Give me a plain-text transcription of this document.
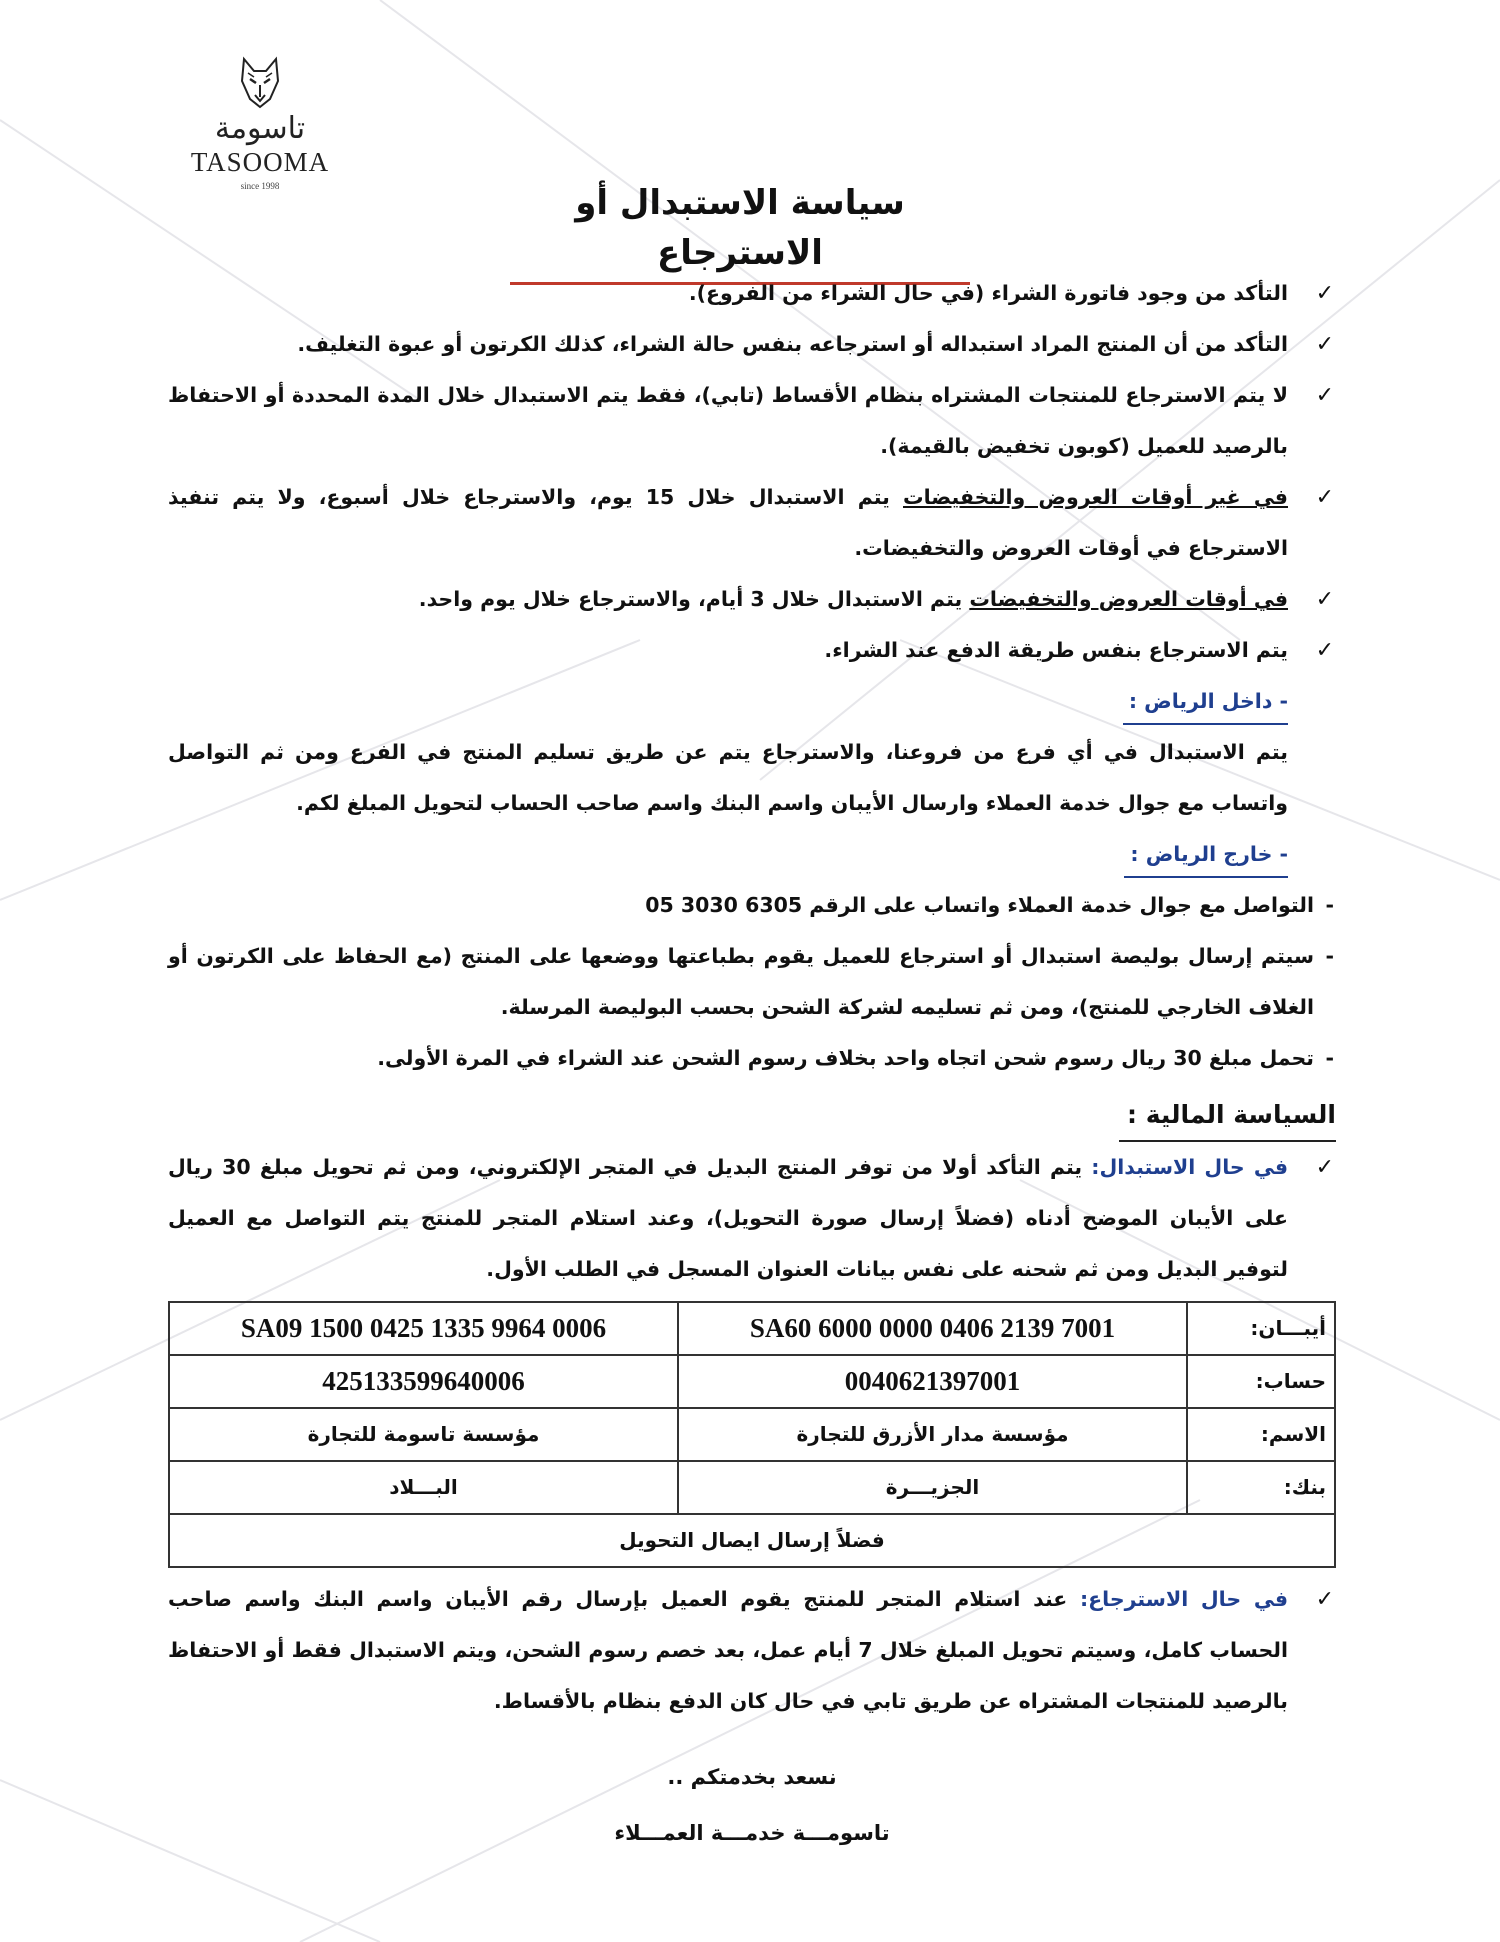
تاسومة
TASOOMA
since 1998	سياسة الاستبدال أو الاسترجاع
✓
التأكد من وجود فاتورة الشراء (في حال الشراء من الفروع).
✓
التأكد من أن المنتج المراد استبداله أو استرجاعه بنفس حالة الشراء، كذلك الكرتون أو عبوة التغليف.
✓
لا يتم الاسترجاع للمنتجات المشتراه بنظام الأقساط (تابي)، فقط يتم الاستبدال خلال المدة المحددة أو الاحتفاظ بالرصيد للعميل (كوبون تخفيض بالقيمة).
✓
في غير أوقات العروض والتخفيضات يتم الاستبدال خلال 15 يوم، والاسترجاع خلال أسبوع، ولا يتم تنفيذ الاسترجاع في أوقات العروض والتخفيضات.
✓
في أوقات العروض والتخفيضات يتم الاستبدال خلال 3 أيام، والاسترجاع خلال يوم واحد.
✓
يتم الاسترجاع بنفس طريقة الدفع عند الشراء.
- داخل الرياض :
يتم الاستبدال في أي فرع من فروعنا، والاسترجاع يتم عن طريق تسليم المنتج في الفرع ومن ثم التواصل واتساب مع جوال خدمة العملاء وارسال الأيبان واسم البنك واسم صاحب الحساب لتحويل المبلغ لكم.
- خارج الرياض :
-
التواصل مع جوال خدمة العملاء واتساب على الرقم 6305 3030 05
-
سيتم إرسال بوليصة استبدال أو استرجاع للعميل يقوم بطباعتها ووضعها على المنتج (مع الحفاظ على الكرتون أو الغلاف الخارجي للمنتج)، ومن ثم تسليمه لشركة الشحن بحسب البوليصة المرسلة.
-
تحمل مبلغ 30 ريال رسوم شحن اتجاه واحد بخلاف رسوم الشحن عند الشراء في المرة الأولى.
السياسة المالية :
✓
في حال الاستبدال: يتم التأكد أولا من توفر المنتج البديل في المتجر الإلكتروني، ومن ثم تحويل مبلغ 30 ريال على الأيبان الموضح أدناه (فضلاً إرسال صورة التحويل)، وعند استلام المتجر للمنتج يتم التواصل مع العميل لتوفير البديل ومن ثم شحنه على نفس بيانات العنوان المسجل في الطلب الأول.
أيبـــان:	SA60 6000 0000 0406 2139 7001	SA09 1500 0425 1335 9964 0006
حساب:	0040621397001	425133599640006
الاسم:	مؤسسة مدار الأزرق للتجارة	مؤسسة تاسومة للتجارة
بنك:	الجزيـــرة	البـــلاد
فضلاً إرسال ايصال التحويل		
✓
في حال الاسترجاع: عند استلام المتجر للمنتج يقوم العميل بإرسال رقم الأيبان واسم البنك واسم صاحب الحساب كامل، وسيتم تحويل المبلغ خلال 7 أيام عمل، بعد خصم رسوم الشحن، ويتم الاستبدال فقط أو الاحتفاظ بالرصيد للمنتجات المشتراه عن طريق تابي في حال كان الدفع بنظام بالأقساط.
نسعد بخدمتكم ..
تاسومـــة خدمـــة العمـــلاء
